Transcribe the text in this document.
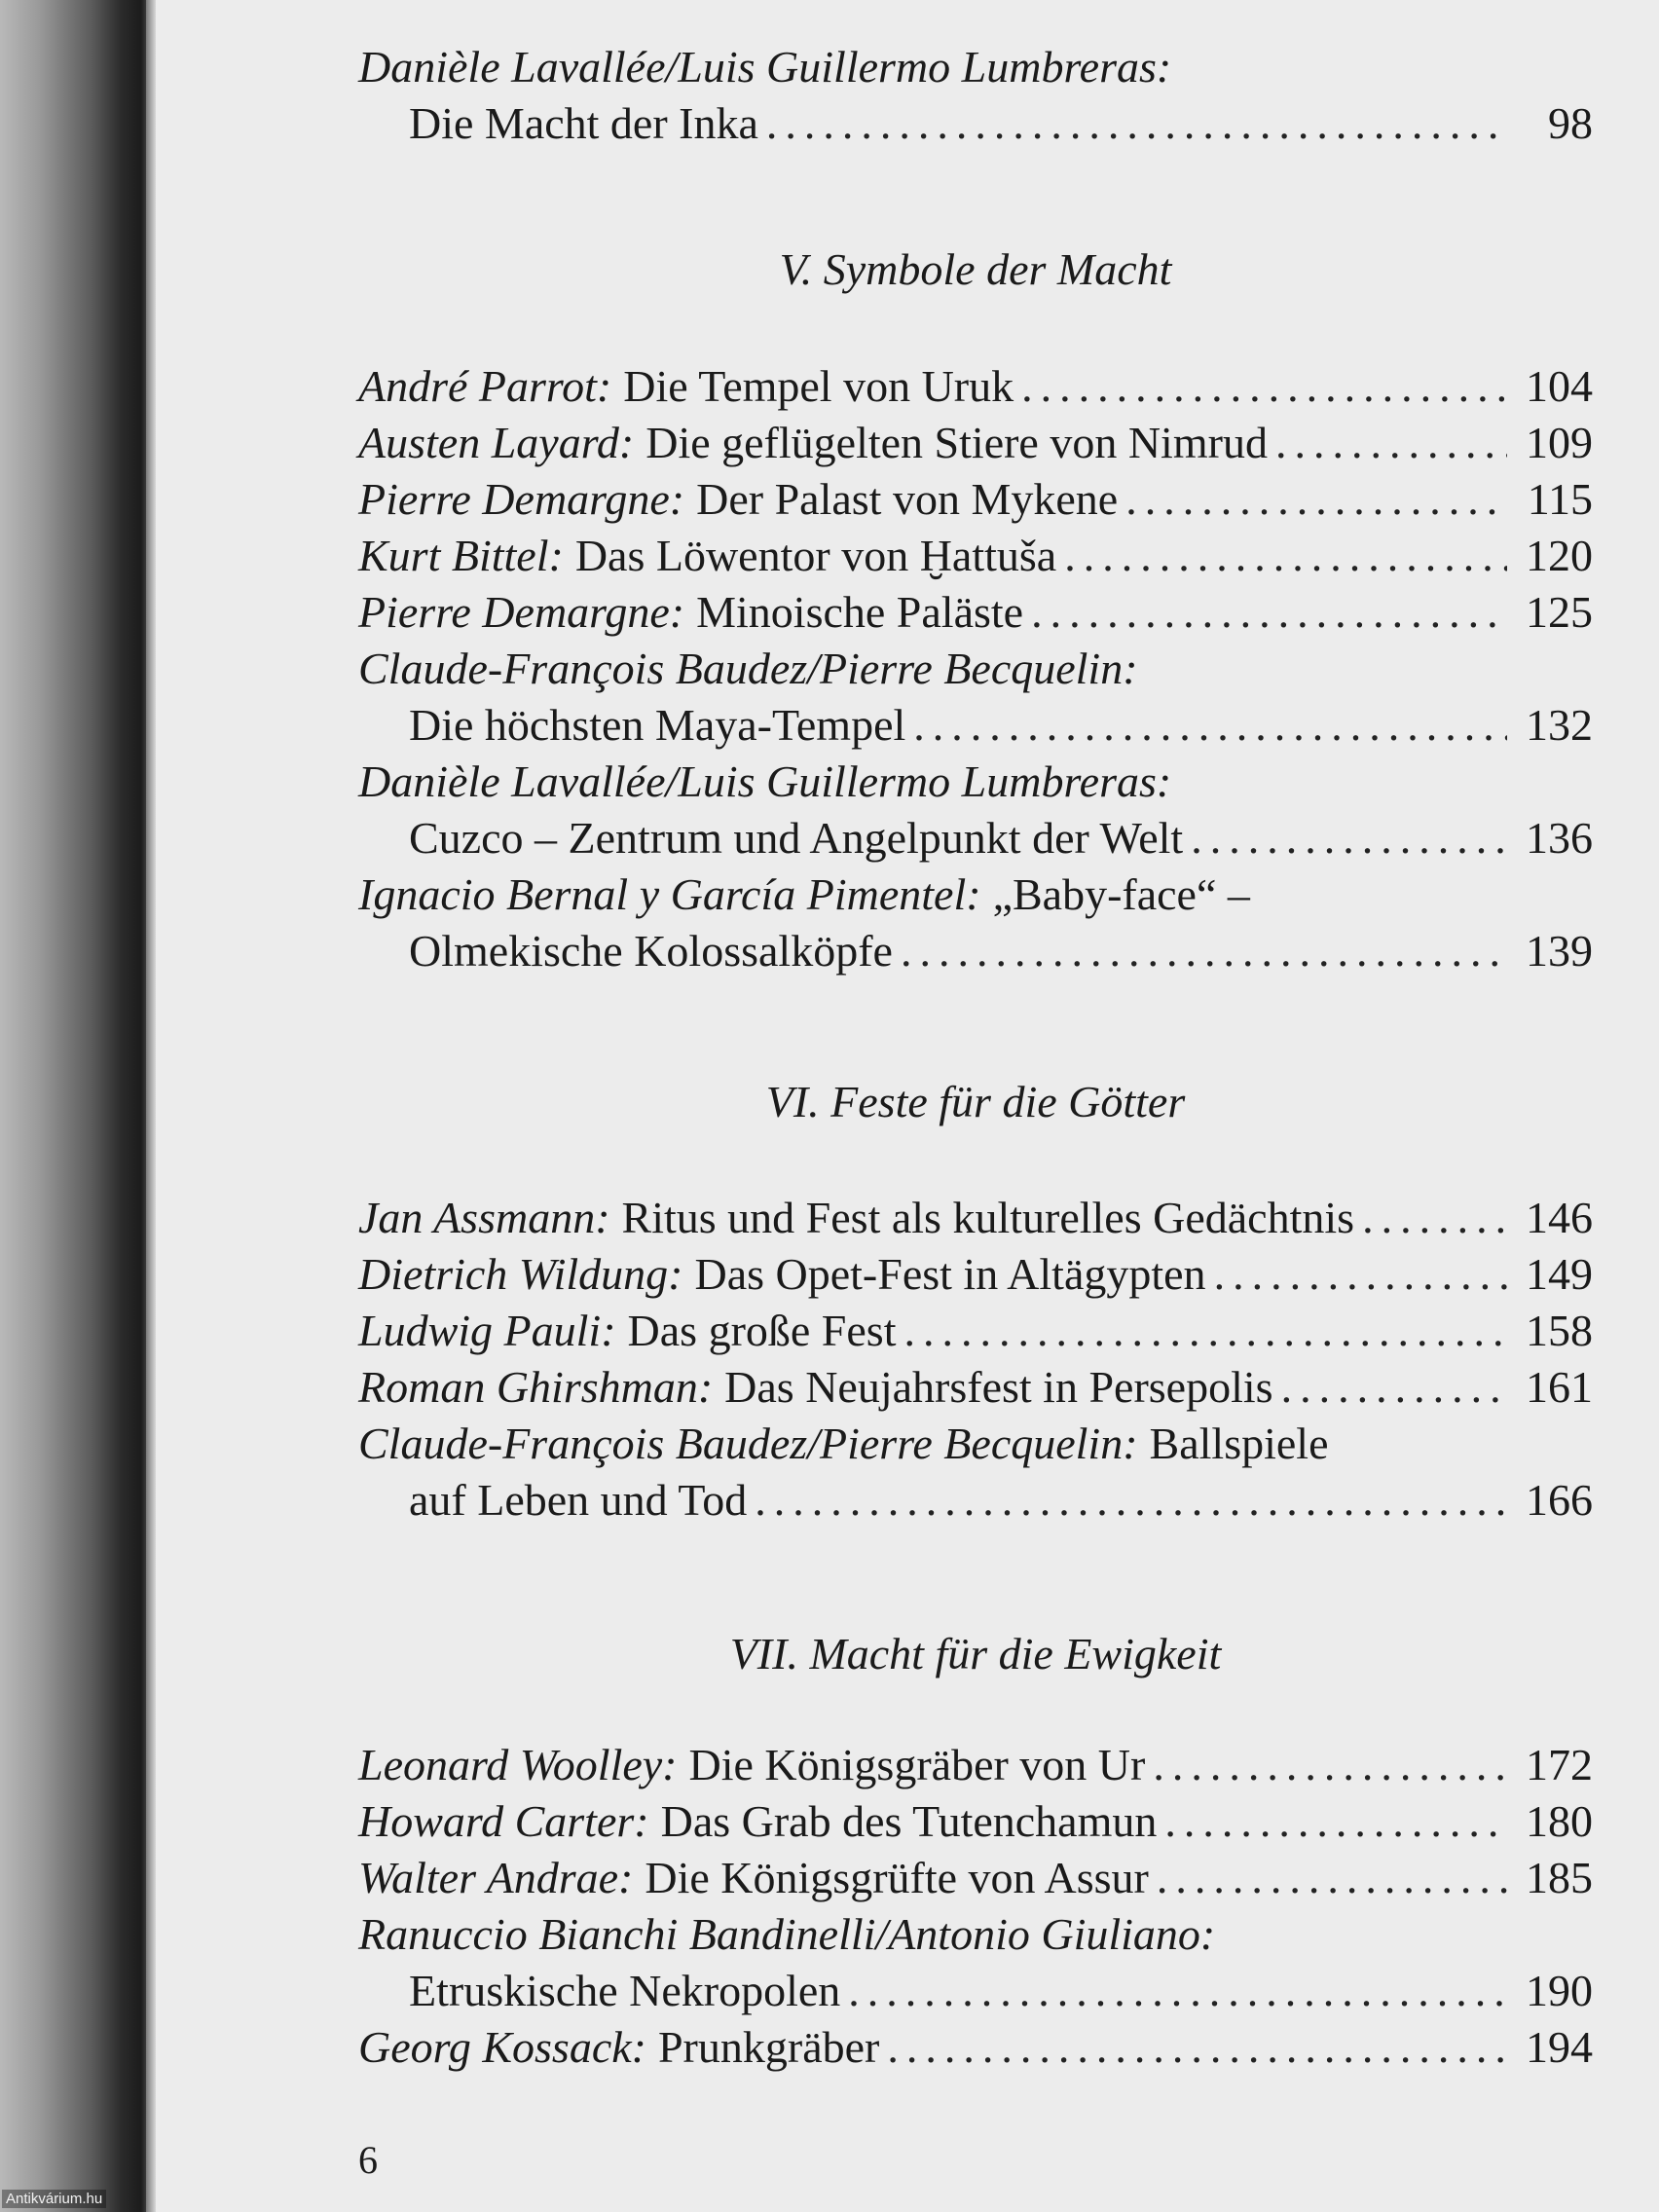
Antikvárium.hu
Danièle Lavallée/Luis Guillermo Lumbreras:
Die Macht der Inka .....	98
V. Symbole der Macht
André Parrot: Die Tempel von Uruk .....	104
Austen Layard: Die geflügelten Stiere von Nimrud .....	109
Pierre Demargne: Der Palast von Mykene .....	115
Kurt Bittel: Das Löwentor von Ḫattuša .....	120
Pierre Demargne: Minoische Paläste .....	125
Claude-François Baudez/Pierre Becquelin:
Die höchsten Maya-Tempel .....	132
Danièle Lavallée/Luis Guillermo Lumbreras:
Cuzco – Zentrum und Angelpunkt der Welt .....	136
Ignacio Bernal y García Pimentel: „Baby-face“ –
Olmekische Kolossalköpfe .....	139
VI. Feste für die Götter
Jan Assmann: Ritus und Fest als kulturelles Gedächtnis .....	146
Dietrich Wildung: Das Opet-Fest in Altägypten .....	149
Ludwig Pauli: Das große Fest .....	158
Roman Ghirshman: Das Neujahrsfest in Persepolis .....	161
Claude-François Baudez/Pierre Becquelin: Ballspiele
auf Leben und Tod .....	166
VII. Macht für die Ewigkeit
Leonard Woolley: Die Königsgräber von Ur .....	172
Howard Carter: Das Grab des Tutenchamun .....	180
Walter Andrae: Die Königsgrüfte von Assur .....	185
Ranuccio Bianchi Bandinelli/Antonio Giuliano:
Etruskische Nekropolen .....	190
Georg Kossack: Prunkgräber .....	194
6
